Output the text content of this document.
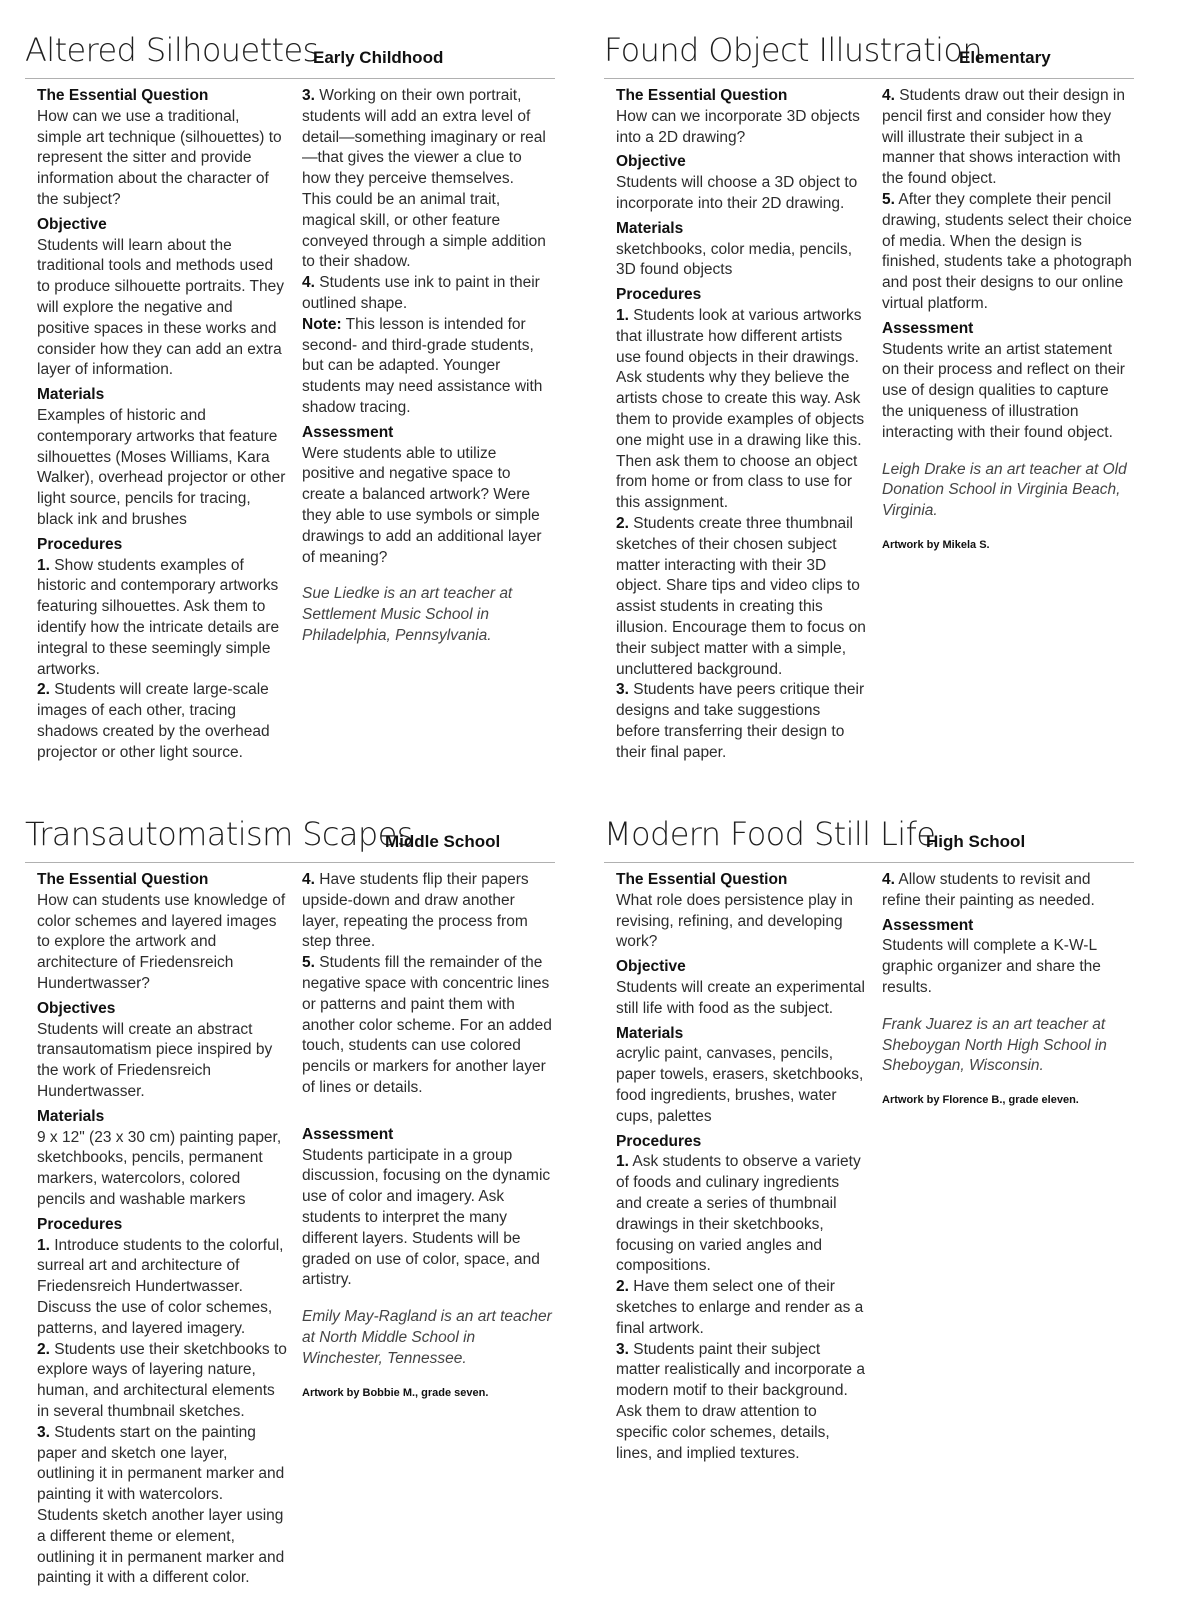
Altered Silhouettes
Early Childhood
The Essential Question

How can we use a traditional, simple art technique (silhouettes) to represent the sitter and provide information about the character of the subject?

Objective

Students will learn about the traditional tools and methods used to produce silhouette portraits. They will explore the negative and positive spaces in these works and consider how they can add an extra layer of information.

Materials

Examples of historic and contemporary artworks that feature silhouettes (Moses Williams, Kara Walker), overhead projector or other light source, pencils for tracing, black ink and brushes

Procedures

1. Show students examples of historic and contemporary artworks featuring silhouettes. Ask them to identify how the intricate details are integral to these seemingly simple artworks.

2. Students will create large-scale images of each other, tracing shadows created by the overhead projector or other light source.

3. Working on their own portrait, students will add an extra level of detail—something imaginary or real—that gives the viewer a clue to how they perceive themselves. This could be an animal trait, magical skill, or other feature conveyed through a simple addition to their shadow.

4. Students use ink to paint in their outlined shape.

Note: This lesson is intended for second- and third-grade students, but can be adapted. Younger students may need assistance with shadow tracing.

Assessment

Were students able to utilize positive and negative space to create a balanced artwork? Were they able to use symbols or simple drawings to add an additional layer of meaning?

Sue Liedke is an art teacher at Settlement Music School in Philadelphia, Pennsylvania.

Found Object Illustration
Elementary
The Essential Question

How can we incorporate 3D objects into a 2D drawing?

Objective

Students will choose a 3D object to incorporate into their 2D drawing.

Materials

sketchbooks, color media, pencils, 3D found objects

Procedures

1. Students look at various artworks that illustrate how different artists use found objects in their drawings. Ask students why they believe the artists chose to create this way. Ask them to provide examples of objects one might use in a drawing like this. Then ask them to choose an object from home or from class to use for this assignment.

2. Students create three thumbnail sketches of their chosen subject matter interacting with their 3D object. Share tips and video clips to assist students in creating this illusion. Encourage them to focus on their subject matter with a simple, uncluttered background.

3. Students have peers critique their designs and take suggestions before transferring their design to their final paper.

4. Students draw out their design in pencil first and consider how they will illustrate their subject in a manner that shows interaction with the found object.

5. After they complete their pencil drawing, students select their choice of media. When the design is finished, students take a photograph and post their designs to our online virtual platform.

Assessment

Students write an artist statement on their process and reflect on their use of design qualities to capture the uniqueness of illustration interacting with their found object.

Leigh Drake is an art teacher at Old Donation School in Virginia Beach, Virginia.

Artwork by Mikela S.

Transautomatism Scapes
Middle School
The Essential Question

How can students use knowledge of color schemes and layered images to explore the artwork and architecture of Friedensreich Hundertwasser?

Objectives

Students will create an abstract transautomatism piece inspired by the work of Friedensreich Hundertwasser.

Materials

9 x 12" (23 x 30 cm) painting paper, sketchbooks, pencils, permanent markers, watercolors, colored pencils and washable markers

Procedures

1. Introduce students to the colorful, surreal art and architecture of Friedensreich Hundertwasser. Discuss the use of color schemes, patterns, and layered imagery.

2. Students use their sketchbooks to explore ways of layering nature, human, and architectural elements in several thumbnail sketches.

3. Students start on the painting paper and sketch one layer, outlining it in permanent marker and painting it with watercolors. Students sketch another layer using a different theme or element, outlining it in permanent marker and painting it with a different color.

4. Have students flip their papers upside-down and draw another layer, repeating the process from step three.

5. Students fill the remainder of the negative space with concentric lines or patterns and paint them with another color scheme. For an added touch, students can use colored pencils or markers for another layer of lines or details.

Assessment

Students participate in a group discussion, focusing on the dynamic use of color and imagery. Ask students to interpret the many different layers. Students will be graded on use of color, space, and artistry.

Emily May-Ragland is an art teacher at North Middle School in Winchester, Tennessee.

Artwork by Bobbie M., grade seven.

Modern Food Still Life
High School
The Essential Question

What role does persistence play in revising, refining, and developing work?

Objective

Students will create an experimental still life with food as the subject.

Materials

acrylic paint, canvases, pencils, paper towels, erasers, sketchbooks, food ingredients, brushes, water cups, palettes

Procedures

1. Ask students to observe a variety of foods and culinary ingredients and create a series of thumbnail drawings in their sketchbooks, focusing on varied angles and compositions.

2. Have them select one of their sketches to enlarge and render as a final artwork.

3. Students paint their subject matter realistically and incorporate a modern motif to their background. Ask them to draw attention to specific color schemes, details, lines, and implied textures.

4. Allow students to revisit and refine their painting as needed.

Assessment

Students will complete a K-W-L graphic organizer and share the results.

Frank Juarez is an art teacher at Sheboygan North High School in Sheboygan, Wisconsin.

Artwork by Florence B., grade eleven.
